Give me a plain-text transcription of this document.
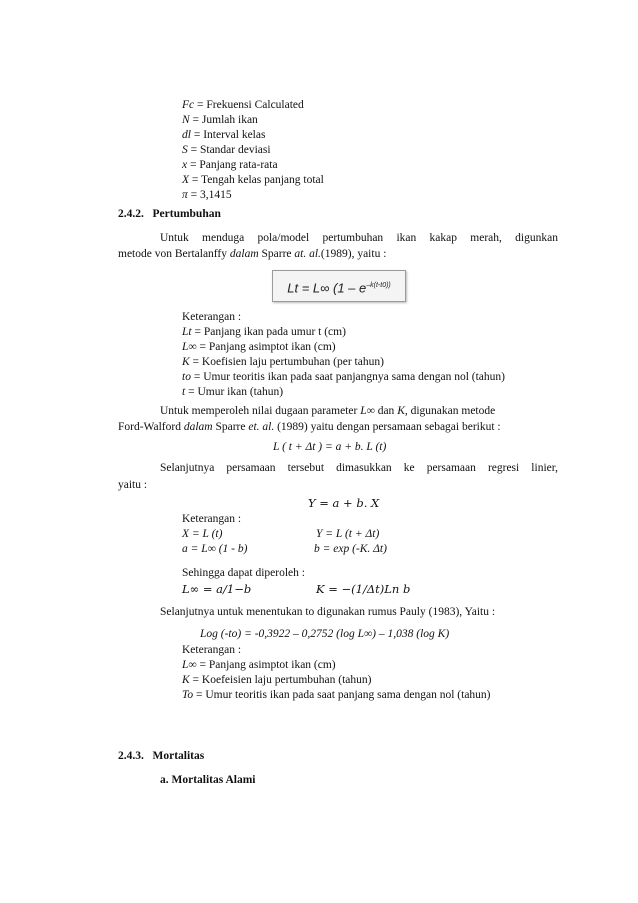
Fc = Frekuensi Calculated
N = Jumlah ikan
dl = Interval kelas
S = Standar deviasi
x = Panjang rata-rata
X = Tengah kelas panjang total
π = 3,1415
2.4.2. Pertumbuhan
Untuk menduga pola/model pertumbuhan ikan kakap merah, digunkan
metode von Bertalanffy dalam Sparre at. al.(1989), yaitu :
Lt = L∞ ($1 - e^{-k(t-t0))}$
Keterangan :
Lt = Panjang ikan pada umur t (cm)
L∞ = Panjang asimptot ikan (cm)
K = Koefisien laju pertumbuhan (per tahun)
to = Umur teoritis ikan pada saat panjangnya sama dengan nol (tahun)
t = Umur ikan (tahun)
Untuk memperoleh nilai dugaan parameter L∞ dan K, digunakan metode
Ford-Walford dalam Sparre et. al. (1989) yaitu dengan persamaan sebagai berikut :
L ( t + Δt ) = a + b. L (t)
Selanjutnya persamaan tersebut dimasukkan ke persamaan regresi linier,
yaitu :
Y = a + b. X
Keterangan :
X = L (t)	Y = L (t + Δt)
a = L∞ (1 - b)	b = exp (-K. Δt)
Sehingga dapat diperoleh :
L∞ = a/1−b	K = −(1/Δt)Ln b
Selanjutnya untuk menentukan to digunakan rumus Pauly (1983), Yaitu :
Log (-to) = -0,3922 – 0,2752 (log L∞) – 1,038 (log K)
Keterangan :
L∞ = Panjang asimptot ikan (cm)
K = Koefeisien laju pertumbuhan (tahun)
To = Umur teoritis ikan pada saat panjang sama dengan nol (tahun)
2.4.3. Mortalitas
a. Mortalitas Alami
